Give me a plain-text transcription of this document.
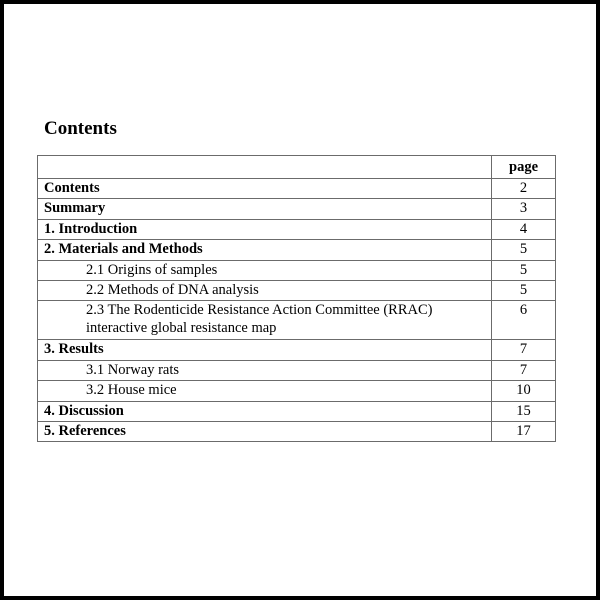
Contents
	page
Contents	2
Summary	3
1. Introduction	4
2. Materials and Methods	5
2.1 Origins of samples	5
2.2 Methods of DNA analysis	5
2.3 The Rodenticide Resistance Action Committee (RRAC) interactive global resistance map	6
3. Results	7
3.1 Norway rats	7
3.2 House mice	10
4. Discussion	15
5. References	17
